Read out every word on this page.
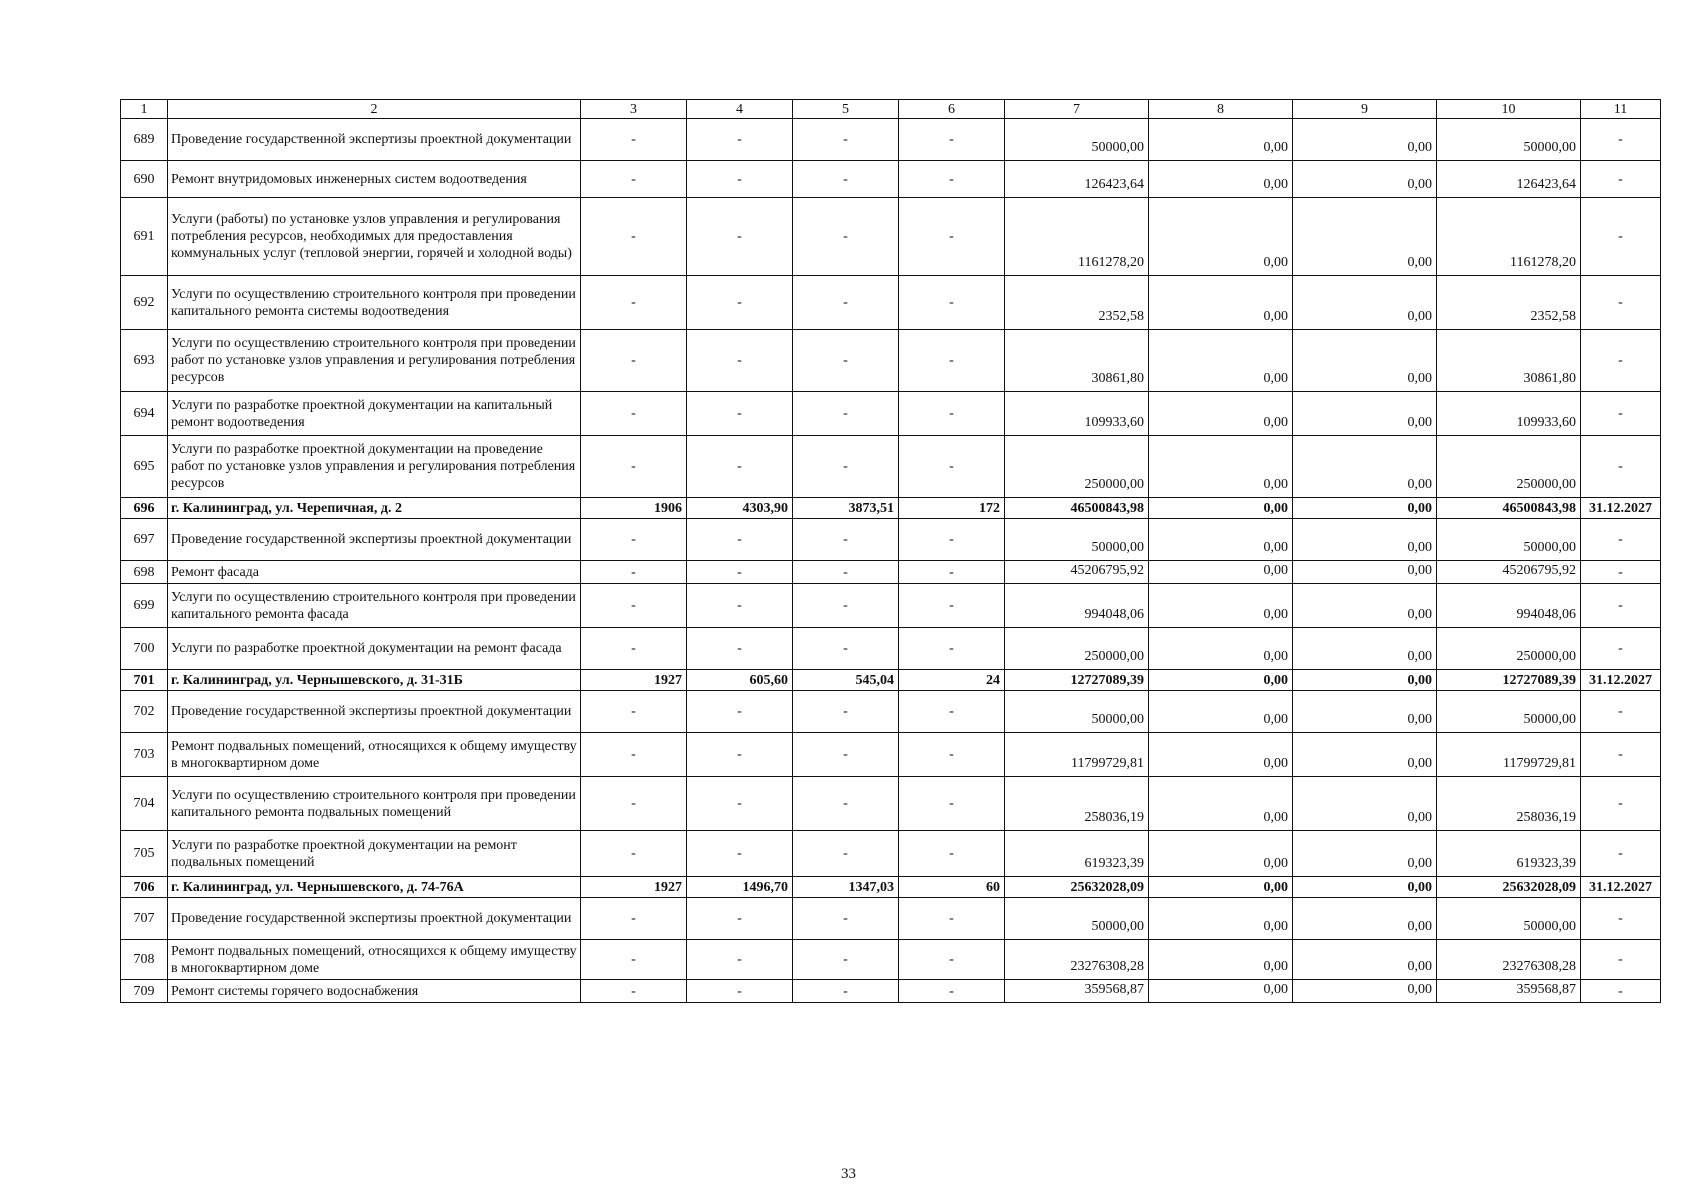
1	2	3	4	5	6	7	8	9	10	11
689	Проведение государственной экспертизы проектной документации	-	-	-	-	50000,00	0,00	0,00	50000,00	-
690	Ремонт внутридомовых инженерных систем водоотведения	-	-	-	-	126423,64	0,00	0,00	126423,64	-
691	Услуги (работы) по установке узлов управления и регулирования потребления ресурсов, необходимых для предоставления коммунальных услуг (тепловой энергии, горячей и холодной воды)	-	-	-	-	1161278,20	0,00	0,00	1161278,20	-
692	Услуги по осуществлению строительного контроля при проведении капитального ремонта системы водоотведения	-	-	-	-	2352,58	0,00	0,00	2352,58	-
693	Услуги по осуществлению строительного контроля при проведении работ по установке узлов управления и регулирования потребления ресурсов	-	-	-	-	30861,80	0,00	0,00	30861,80	-
694	Услуги по разработке проектной документации на капитальный ремонт водоотведения	-	-	-	-	109933,60	0,00	0,00	109933,60	-
695	Услуги по разработке проектной документации на проведение работ по установке узлов управления и регулирования потребления ресурсов	-	-	-	-	250000,00	0,00	0,00	250000,00	-
696	г. Калининград, ул. Черепичная, д. 2	1906	4303,90	3873,51	172	46500843,98	0,00	0,00	46500843,98	31.12.2027
697	Проведение государственной экспертизы проектной документации	-	-	-	-	50000,00	0,00	0,00	50000,00	-
698	Ремонт фасада	-	-	-	-	45206795,92	0,00	0,00	45206795,92	-
699	Услуги по осуществлению строительного контроля при проведении капитального ремонта фасада	-	-	-	-	994048,06	0,00	0,00	994048,06	-
700	Услуги по разработке проектной документации на ремонт фасада	-	-	-	-	250000,00	0,00	0,00	250000,00	-
701	г. Калининград, ул. Чернышевского, д. 31-31Б	1927	605,60	545,04	24	12727089,39	0,00	0,00	12727089,39	31.12.2027
702	Проведение государственной экспертизы проектной документации	-	-	-	-	50000,00	0,00	0,00	50000,00	-
703	Ремонт подвальных помещений, относящихся к общему имуществу в многоквартирном доме	-	-	-	-	11799729,81	0,00	0,00	11799729,81	-
704	Услуги по осуществлению строительного контроля при проведении капитального ремонта подвальных помещений	-	-	-	-	258036,19	0,00	0,00	258036,19	-
705	Услуги по разработке проектной документации на ремонт подвальных помещений	-	-	-	-	619323,39	0,00	0,00	619323,39	-
706	г. Калининград, ул. Чернышевского, д. 74-76А	1927	1496,70	1347,03	60	25632028,09	0,00	0,00	25632028,09	31.12.2027
707	Проведение государственной экспертизы проектной документации	-	-	-	-	50000,00	0,00	0,00	50000,00	-
708	Ремонт подвальных помещений, относящихся к общему имуществу в многоквартирном доме	-	-	-	-	23276308,28	0,00	0,00	23276308,28	-
709	Ремонт системы горячего водоснабжения	-	-	-	-	359568,87	0,00	0,00	359568,87	-
33
